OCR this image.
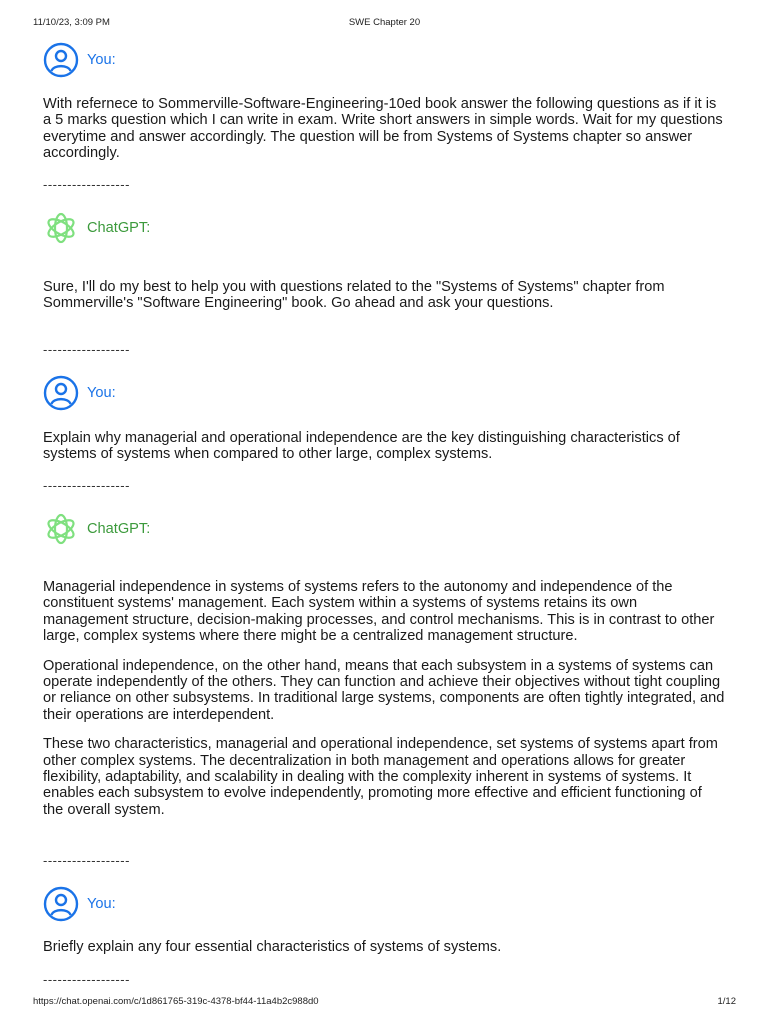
11/10/23, 3:09 PM	SWE Chapter 20
You:

With refernece to Sommerville-Software-Engineering-10ed book answer the following questions as if it is a 5 marks question which I can write in exam. Write short answers in simple words. Wait for my questions everytime and answer accordingly. The question will be from Systems of Systems chapter so answer accordingly.

------------------
ChatGPT:

Sure, I'll do my best to help you with questions related to the "Systems of Systems" chapter from Sommerville's "Software Engineering" book. Go ahead and ask your questions.

------------------
You:

Explain why managerial and operational independence are the key distinguishing characteristics of systems of systems when compared to other large, complex systems.

------------------
ChatGPT:

Managerial independence in systems of systems refers to the autonomy and independence of the constituent systems' management. Each system within a systems of systems retains its own management structure, decision-making processes, and control mechanisms. This is in contrast to other large, complex systems where there might be a centralized management structure.

Operational independence, on the other hand, means that each subsystem in a systems of systems can operate independently of the others. They can function and achieve their objectives without tight coupling or reliance on other subsystems. In traditional large systems, components are often tightly integrated, and their operations are interdependent.

These two characteristics, managerial and operational independence, set systems of systems apart from other complex systems. The decentralization in both management and operations allows for greater flexibility, adaptability, and scalability in dealing with the complexity inherent in systems of systems. It enables each subsystem to evolve independently, promoting more effective and efficient functioning of the overall system.

------------------
You:

Briefly explain any four essential characteristics of systems of systems.

------------------
https://chat.openai.com/c/1d861765-319c-4378-bf44-11a4b2c988d0	1/12
